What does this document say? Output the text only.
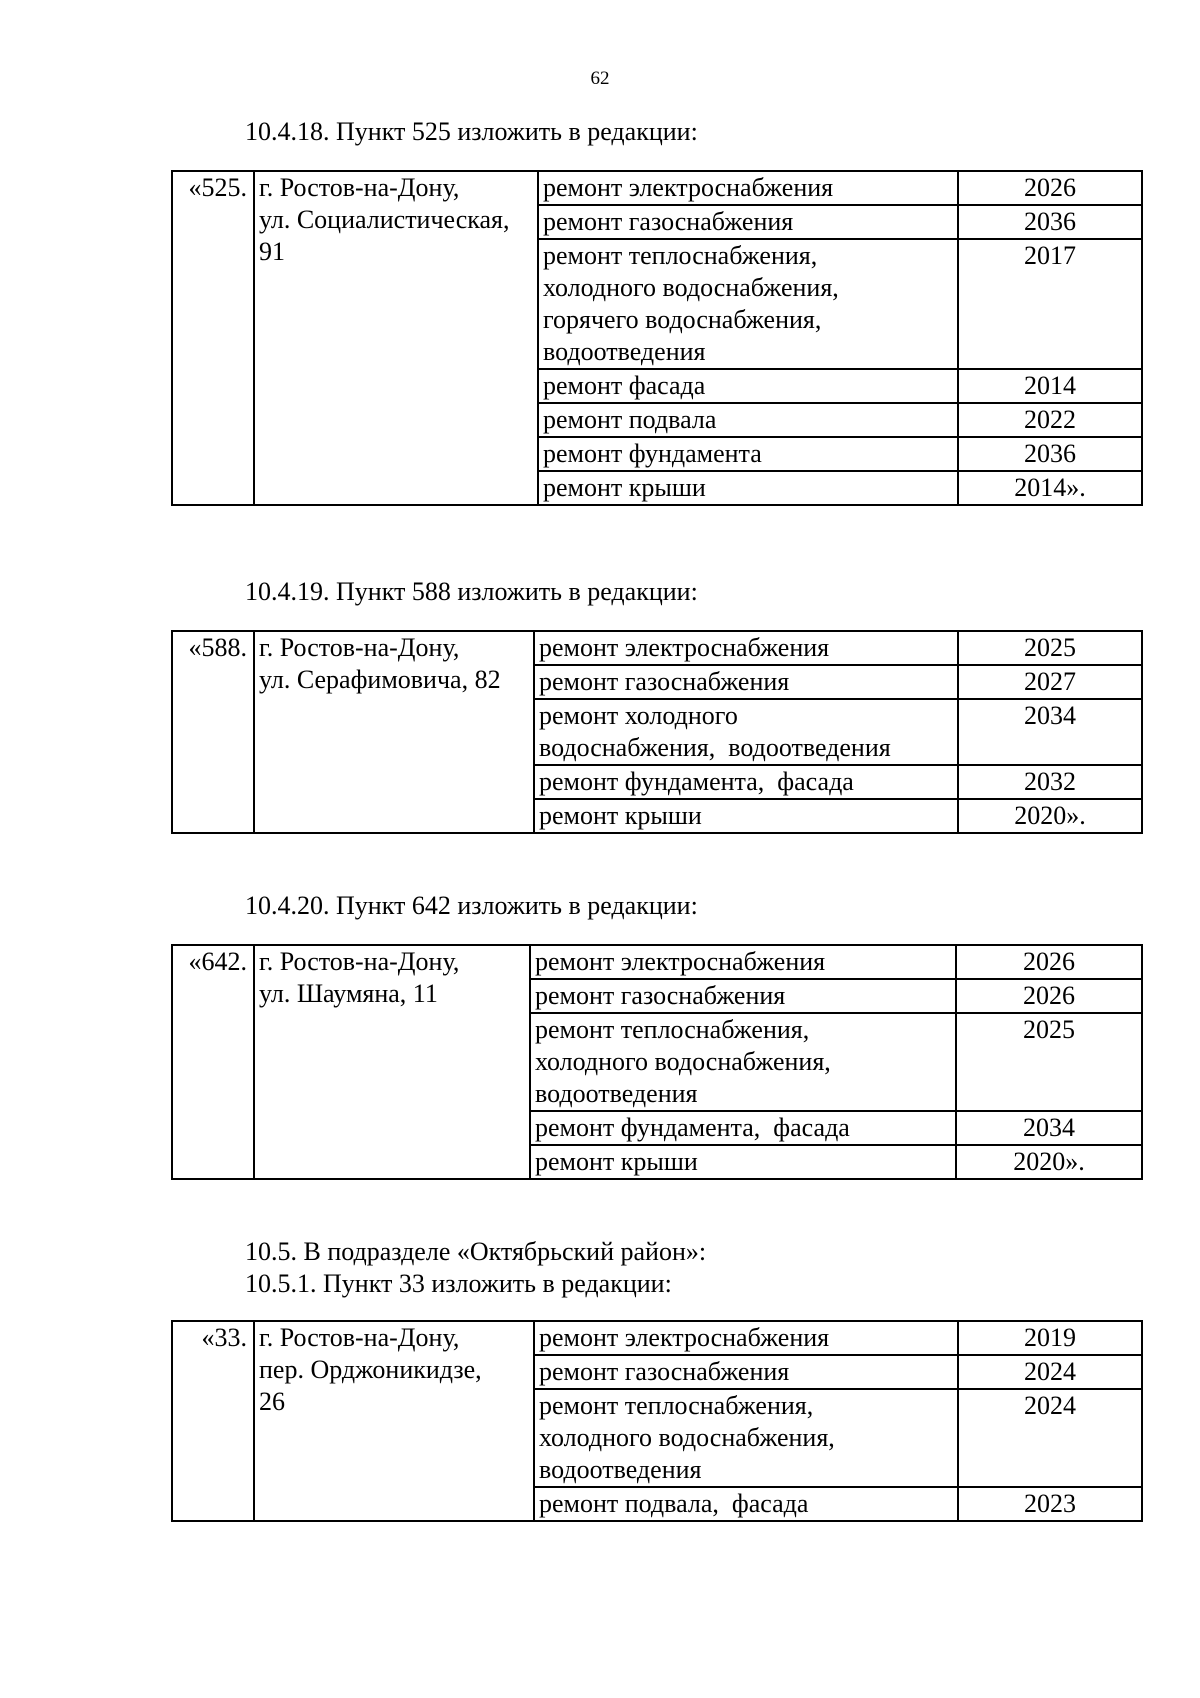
62
10.4.18. Пункт 525 изложить в редакции:
«525.	г. Ростов-на-Дону,
ул. Социалистическая,
91	ремонт электроснабжения	2026

		ремонт газоснабжения	2036

		ремонт теплоснабжения,
холодного водоснабжения,
горячего водоснабжения,
водоотведения	2017

		ремонт фасада	2014

		ремонт подвала	2022

		ремонт фундамента	2036

		ремонт крыши	2014».
10.4.19. Пункт 588 изложить в редакции:
«588.	г. Ростов-на-Дону,
ул. Серафимовича, 82	ремонт электроснабжения	2025

		ремонт газоснабжения	2027

		ремонт холодного
водоснабжения,  водоотведения	2034

		ремонт фундамента,  фасада	2032

		ремонт крыши	2020».
10.4.20. Пункт 642 изложить в редакции:
«642.	г. Ростов-на-Дону,
ул. Шаумяна, 11	ремонт электроснабжения	2026

		ремонт газоснабжения	2026

		ремонт теплоснабжения,
холодного водоснабжения,
водоотведения	2025

		ремонт фундамента,  фасада	2034

		ремонт крыши	2020».
10.5. В подразделе «Октябрьский район»:
10.5.1. Пункт 33 изложить в редакции:
«33.	г. Ростов-на-Дону,
пер. Орджоникидзе,
26	ремонт электроснабжения	2019

		ремонт газоснабжения	2024

		ремонт теплоснабжения,
холодного водоснабжения,
водоотведения	2024

		ремонт подвала,  фасада	2023
